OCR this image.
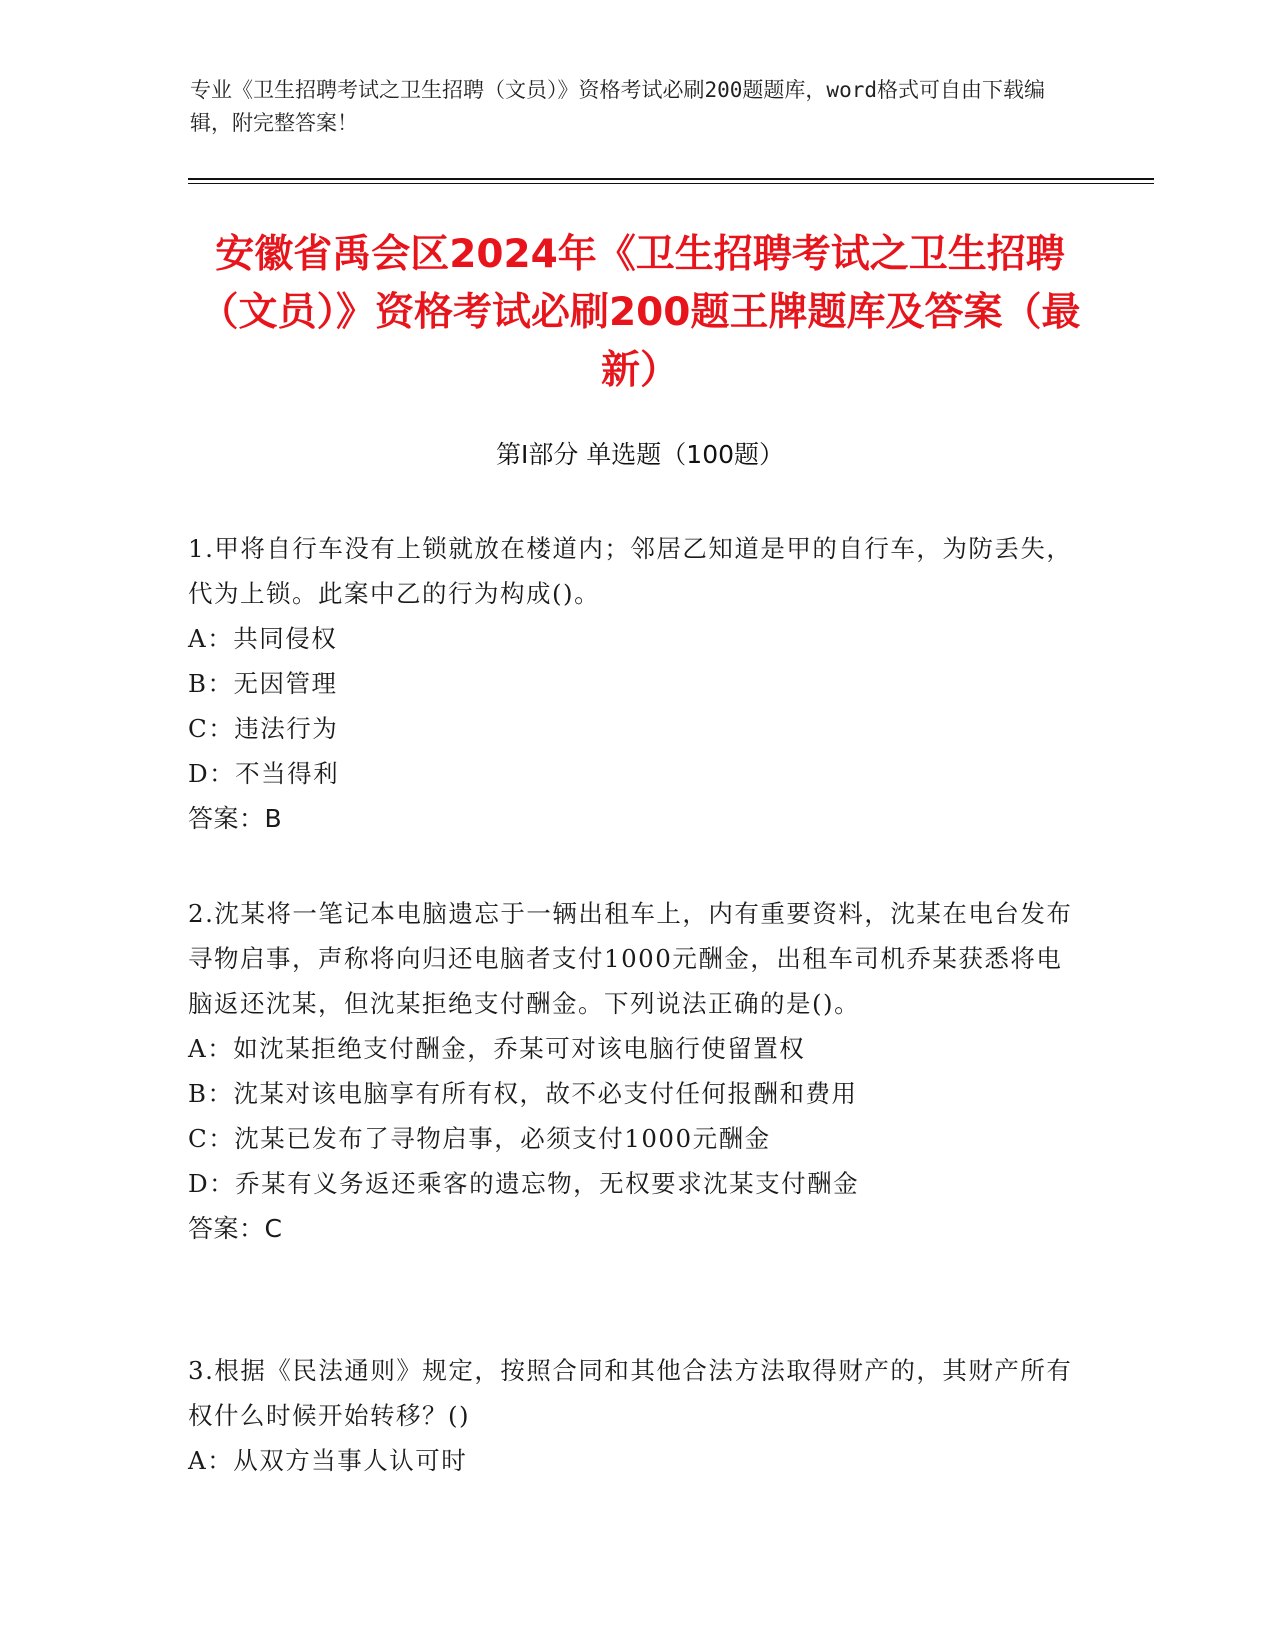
专业《卫生招聘考试之卫生招聘（文员）》资格考试必刷200题题库，word格式可自由下载编辑，附完整答案！
安徽省禹会区2024年《卫生招聘考试之卫生招聘（文员）》资格考试必刷200题王牌题库及答案（最新）
第Ⅰ部分 单选题（100题）
1.甲将自行车没有上锁就放在楼道内；邻居乙知道是甲的自行车，为防丢失，代为上锁。此案中乙的行为构成()。
A：共同侵权
B：无因管理
C：违法行为
D：不当得利
答案：B
2.沈某将一笔记本电脑遗忘于一辆出租车上，内有重要资料，沈某在电台发布寻物启事，声称将向归还电脑者支付1000元酬金，出租车司机乔某获悉将电脑返还沈某，但沈某拒绝支付酬金。下列说法正确的是()。
A：如沈某拒绝支付酬金，乔某可对该电脑行使留置权
B：沈某对该电脑享有所有权，故不必支付任何报酬和费用
C：沈某已发布了寻物启事，必须支付1000元酬金
D：乔某有义务返还乘客的遗忘物，无权要求沈某支付酬金
答案：C
3.根据《民法通则》规定，按照合同和其他合法方法取得财产的，其财产所有权什么时候开始转移？()
A：从双方当事人认可时
